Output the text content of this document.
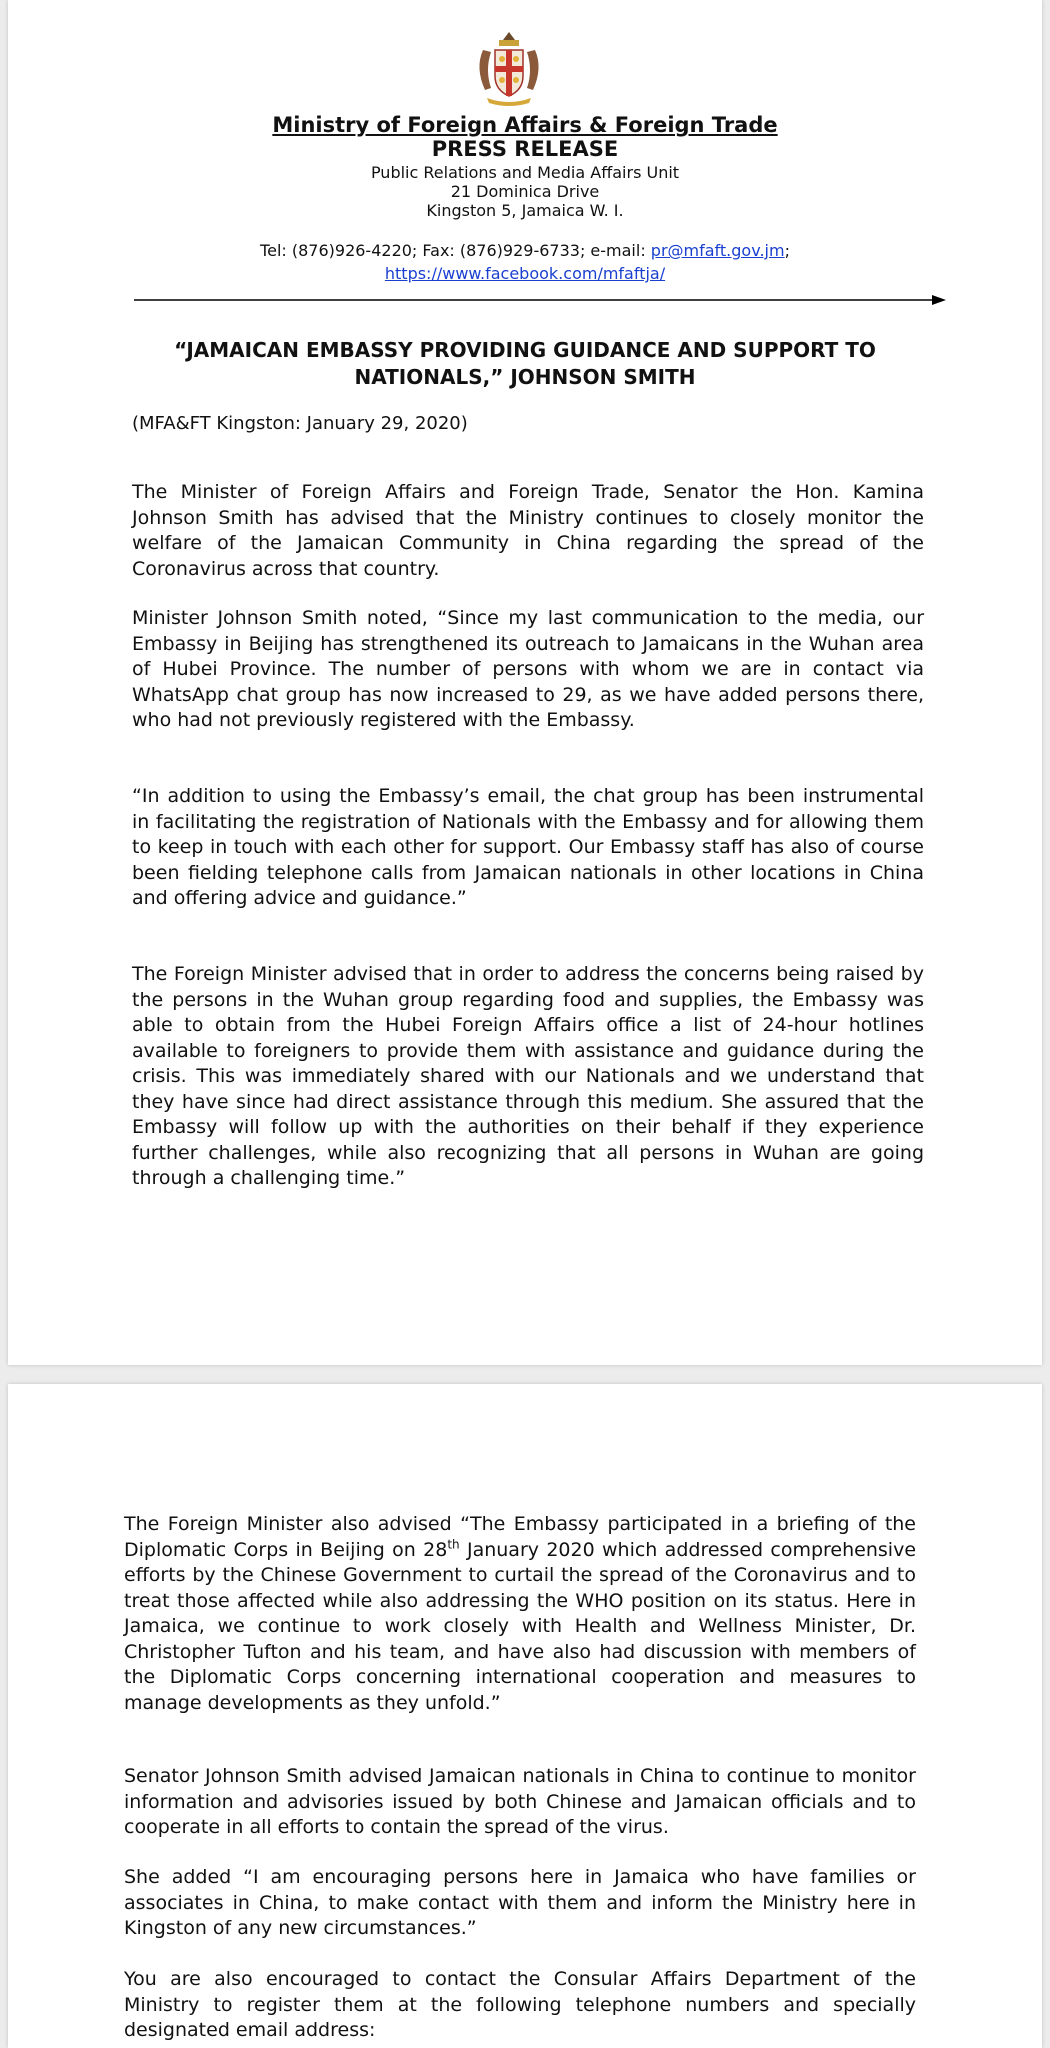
Ministry of Foreign Affairs & Foreign Trade
PRESS RELEASE
Public Relations and Media Affairs Unit
21 Dominica Drive
Kingston 5, Jamaica W. I.
Tel: (876)926-4220; Fax: (876)929-6733; e-mail: pr@mfaft.gov.jm;
https://www.facebook.com/mfaftja/
“JAMAICAN EMBASSY PROVIDING GUIDANCE AND SUPPORT TO NATIONALS,” JOHNSON SMITH
(MFA&FT Kingston: January 29, 2020)

The Minister of Foreign Affairs and Foreign Trade, Senator the Hon. Kamina Johnson Smith has advised that the Ministry continues to closely monitor the welfare of the Jamaican Community in China regarding the spread of the Coronavirus across that country.

Minister Johnson Smith noted, “Since my last communication to the media, our Embassy in Beijing has strengthened its outreach to Jamaicans in the Wuhan area of Hubei Province. The number of persons with whom we are in contact via WhatsApp chat group has now increased to 29, as we have added persons there, who had not previously registered with the Embassy.

“In addition to using the Embassy’s email, the chat group has been instrumental in facilitating the registration of Nationals with the Embassy and for allowing them to keep in touch with each other for support. Our Embassy staff has also of course been fielding telephone calls from Jamaican nationals in other locations in China and offering advice and guidance.”

The Foreign Minister advised that in order to address the concerns being raised by the persons in the Wuhan group regarding food and supplies, the Embassy was able to obtain from the Hubei Foreign Affairs office a list of 24-hour hotlines available to foreigners to provide them with assistance and guidance during the crisis. This was immediately shared with our Nationals and we understand that they have since had direct assistance through this medium. She assured that the Embassy will follow up with the authorities on their behalf if they experience further challenges, while also recognizing that all persons in Wuhan are going through a challenging time.”

The Foreign Minister also advised “The Embassy participated in a briefing of the Diplomatic Corps in Beijing on 28th January 2020 which addressed comprehensive efforts by the Chinese Government to curtail the spread of the Coronavirus and to treat those affected while also addressing the WHO position on its status. Here in Jamaica, we continue to work closely with Health and Wellness Minister, Dr. Christopher Tufton and his team, and have also had discussion with members of the Diplomatic Corps concerning international cooperation and measures to manage developments as they unfold.”

Senator Johnson Smith advised Jamaican nationals in China to continue to monitor information and advisories issued by both Chinese and Jamaican officials and to cooperate in all efforts to contain the spread of the virus.

She added “I am encouraging persons here in Jamaica who have families or associates in China, to make contact with them and inform the Ministry here in Kingston of any new circumstances.”

You are also encouraged to contact the Consular Affairs Department of the Ministry to register them at the following telephone numbers and specially designated email address:
